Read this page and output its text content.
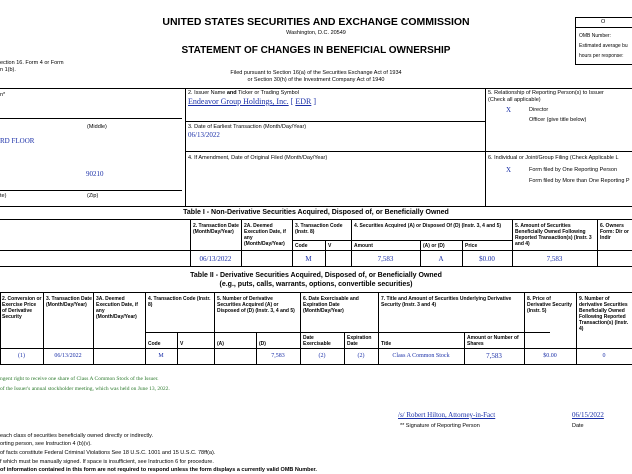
UNITED STATES SECURITIES AND EXCHANGE COMMISSION
Washington, D.C. 20549
STATEMENT OF CHANGES IN BENEFICIAL OWNERSHIP
Filed pursuant to Section 16(a) of the Securities Exchange Act of 1934
or Section 30(h) of the Investment Company Act of 1940
ection 16. Form 4 or Form
n 1(b).
O
OMB Number:
Estimated average bu
hours per response:
n*
(Middle)
RD FLOOR
90210
te)	(Zip)
2. Issuer Name and Ticker or Trading Symbol
Endeavor Group Holdings, Inc. [ EDR ]
3. Date of Earliest Transaction (Month/Day/Year)
06/13/2022
4. If Amendment, Date of Original Filed (Month/Day/Year)
5. Relationship of Reporting Person(s) to Issuer
(Check all applicable)
X	Director
Officer (give title below)
6. Individual or Joint/Group Filing (Check Applicable L
X	Form filed by One Reporting Person
Form filed by More than One Reporting P
Table I - Non-Derivative Securities Acquired, Disposed of, or Beneficially Owned
2. Transaction Date (Month/Day/Year)
2A. Deemed Execution Date, if any (Month/Day/Year)
3. Transaction Code (Instr. 8)
4. Securities Acquired (A) or Disposed Of (D) (Instr. 3, 4 and 5)	5. Amount of Securities Beneficially Owned Following Reported Transaction(s) (Instr. 3 and 4)
6. Owners Form: Dir or Indir
Code	V	Amount	(A) or (D)	Price
06/13/2022	M	7,583	A	$0.00	7,583
Table II - Derivative Securities Acquired, Disposed of, or Beneficially Owned
(e.g., puts, calls, warrants, options, convertible securities)
2. Conversion or Exercise Price of Derivative Security
3. Transaction Date (Month/Day/Year)
3A. Deemed Execution Date, if any (Month/Day/Year)
4. Transaction Code (Instr. 8)
5. Number of Derivative Securities Acquired (A) or Disposed of (D) (Instr. 3, 4 and 5)
6. Date Exercisable and Expiration Date (Month/Day/Year)
7. Title and Amount of Securities Underlying Derivative Security (Instr. 3 and 4)
8. Price of Derivative Security (Instr. 5)
9. Number of derivative Securities Beneficially Owned Following Reported Transaction(s) (Instr. 4)
Code	V	(A)	(D)
Date Exercisable
Expiration Date	Title
Amount or Number of Shares
(1)	06/13/2022	M	7,583	(2)	(2)	Class A Common Stock	7,583	$0.00	0
ngent right to receive one share of Class A Common Stock of the Issuer.
of the Issuer's annual stockholder meeting, which was held on June 13, 2022.
/s/ Robert Hilton, Attorney-in-Fact	06/15/2022
** Signature of Reporting Person	Date
each class of securities beneficially owned directly or indirectly.
orting person, see Instruction 4 (b)(v).
of facts constitute Federal Criminal Violations See 18 U.S.C. 1001 and 15 U.S.C. 78ff(a).
f which must be manually signed. If space is insufficient, see Instruction 6 for procedure.
of information contained in this form are not required to respond unless the form displays a currently valid OMB Number.
